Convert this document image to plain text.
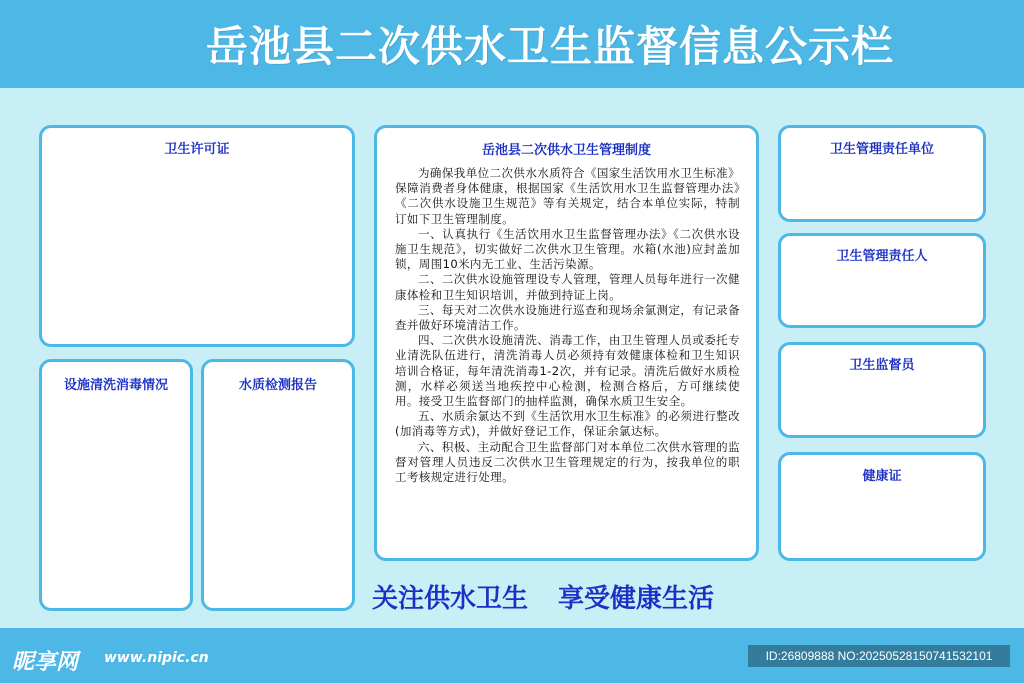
岳池县二次供水卫生监督信息公示栏
卫生许可证
设施清洗消毒情况	水质检测报告
岳池县二次供水卫生管理制度

为确保我单位二次供水水质符合《国家生活饮用水卫生标准》保障消费者身体健康，根据国家《生活饮用水卫生监督管理办法》《二次供水设施卫生规范》等有关规定，结合本单位实际，特制订如下卫生管理制度。

一、认真执行《生活饮用水卫生监督管理办法》《二次供水设施卫生规范》，切实做好二次供水卫生管理。水箱(水池)应封盖加锁，周围10米内无工业、生活污染源。

二、二次供水设施管理设专人管理，管理人员每年进行一次健康体检和卫生知识培训，并做到持证上岗。

三、每天对二次供水设施进行巡查和现场余氯测定，有记录备查并做好环境清洁工作。

四、二次供水设施清洗、消毒工作，由卫生管理人员或委托专业清洗队伍进行，清洗消毒人员必须持有效健康体检和卫生知识培训合格证，每年清洗消毒1-2次，并有记录。清洗后做好水质检测，水样必须送当地疾控中心检测，检测合格后，方可继续使用。接受卫生监督部门的抽样监测，确保水质卫生安全。

五、水质余氯达不到《生活饮用水卫生标准》的必须进行整改(加消毒等方式)，并做好登记工作，保证余氯达标。

六、积极、主动配合卫生监督部门对本单位二次供水管理的监督对管理人员违反二次供水卫生管理规定的行为，按我单位的职工考核规定进行处理。

卫生管理责任单位
卫生管理责任人
卫生监督员
健康证
关注供水卫生 享受健康生活
昵享网 www.nipic.cn	ID:26809888 NO:20250528150741532101
